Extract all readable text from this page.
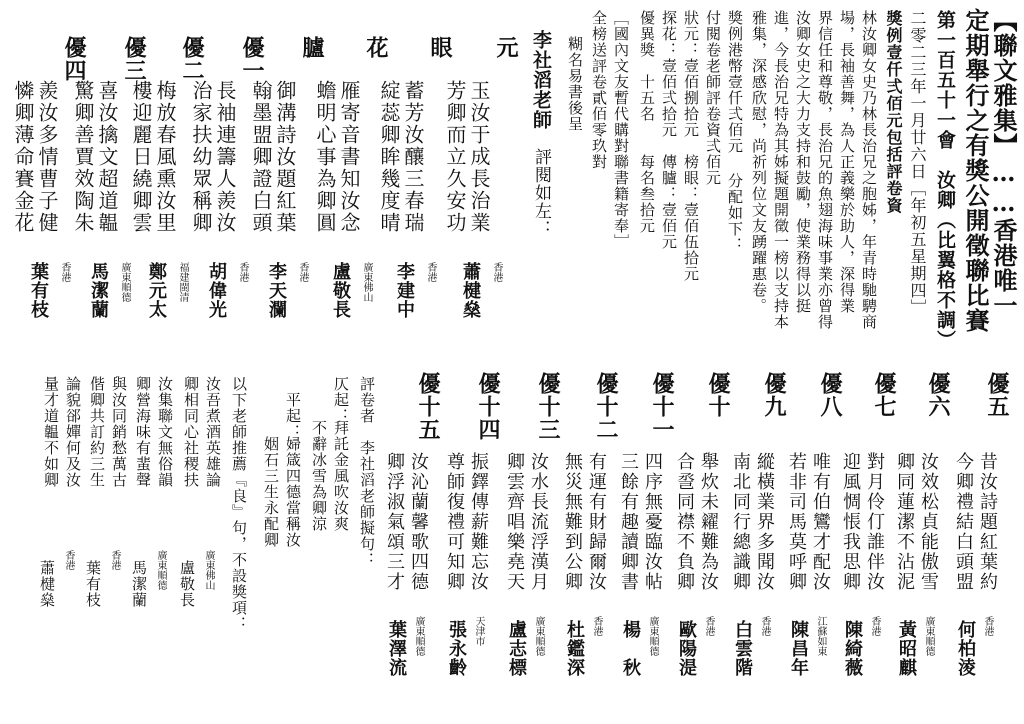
【聯文雅集】……香港唯一
定期舉行之有獎公開徵聯比賽
第一百五十一會　汝卿（比翼格不調）
二零二三年一月廿六日［年初五星期四］
獎例壹仟弍佰元包括評卷資
林汝卿女史乃林長治兄之胞姊，年青時馳騁商
場，長袖善舞，為人正義樂於助人，深得業
界信任和尊敬，長治兄的魚翅海味事業亦曾得
汝卿女史之大力支持和鼓勵，使業務得以挺
進，今長治兄特為其姊擬題開徵一榜以支持本
雅集，深感欣慰，尚祈列位文友踴躍惠卷。
獎例港幣壹仟弍佰元 分配如下：
付閱卷老師評卷資弍佰元
狀元：壹佰捌拾元　榜眼：壹佰伍拾元
探花：壹佰弍拾元　傳臚：壹佰元
優異獎　十五名　　每名叁拾元
［國內文友暫代購對聯書籍寄奉］
全榜送評卷貳佰零玖對
糊名易書後呈
李社滔老師
評閱如左：
元
玉汝于成長治業
芳卿而立久安功
香港
蕭楗燊
眼
蓄芳汝釀三春瑞
綻蕊卿眸幾度晴
香港
李建中
花
雁寄音書知汝念
蟾明心事為卿圓
廣東佛山
盧敬長
臚
御溝詩汝題紅葉
翰墨盟卿證白頭
香港
李天瀾
優一
長袖連籌人羨汝
治家扶幼眾稱卿
香港
胡偉光
優二
梅放春風熏汝里
樓迎麗日繞卿雲
福建閩清
鄭元太
優三
喜汝擒文超道韞
驚卿善賈效陶朱
廣東順德
馬潔蘭
優四
羨汝多情曹子健
憐卿薄命賽金花
香港
葉有枝
優五
昔汝詩題紅葉約
今卿禮結白頭盟
香港
何柏淩
優六
汝效松貞能傲雪
卿同蓮潔不沾泥
廣東順德
黃昭麒
優七
對月伶仃誰伴汝
迎風惆悵我思卿
香港
陳綺薇
優八
唯有伯鸞才配汝
若非司馬莫呼卿
江蘇如東
陳昌年
優九
縱橫業界多聞汝
南北同行總識卿
香港
白雲階
優十
舉炊未糴難為汝
合巹同襟不負卿
香港
歐陽湜
優十一
四序無憂臨汝帖
三餘有趣讀卿書
廣東順德
楊　秋
優十二
有運有財歸爾汝
無災無難到公卿
香港
杜鑑深
優十三
汝水長流浮漢月
卿雲齊唱樂堯天
廣東順德
盧志標
優十四
振鐸傳薪難忘汝
尊師復禮可知卿
天津市
張永齡
優十五
汝沁蘭馨歌四德
卿浮淑氣頌三才
廣東順德
葉澤流
評卷者　李社滔老師擬句：
仄起：
拜託金風吹汝爽
不辭冰雪為卿涼
平起：
婦箴四德當稱汝
姻石三生永配卿
以下老師推薦『良』句，不設獎項：
汝吾煮酒英雄論
卿相同心社稷扶
廣東佛山
盧敬長
汝集聯文無俗韻
卿營海味有蜚聲
廣東順德
馬潔蘭
與汝同銷愁萬古
偕卿共訂約三生
香港
葉有枝
論貌郤嬋何及汝
量才道韞不如卿
香港
蕭楗燊
